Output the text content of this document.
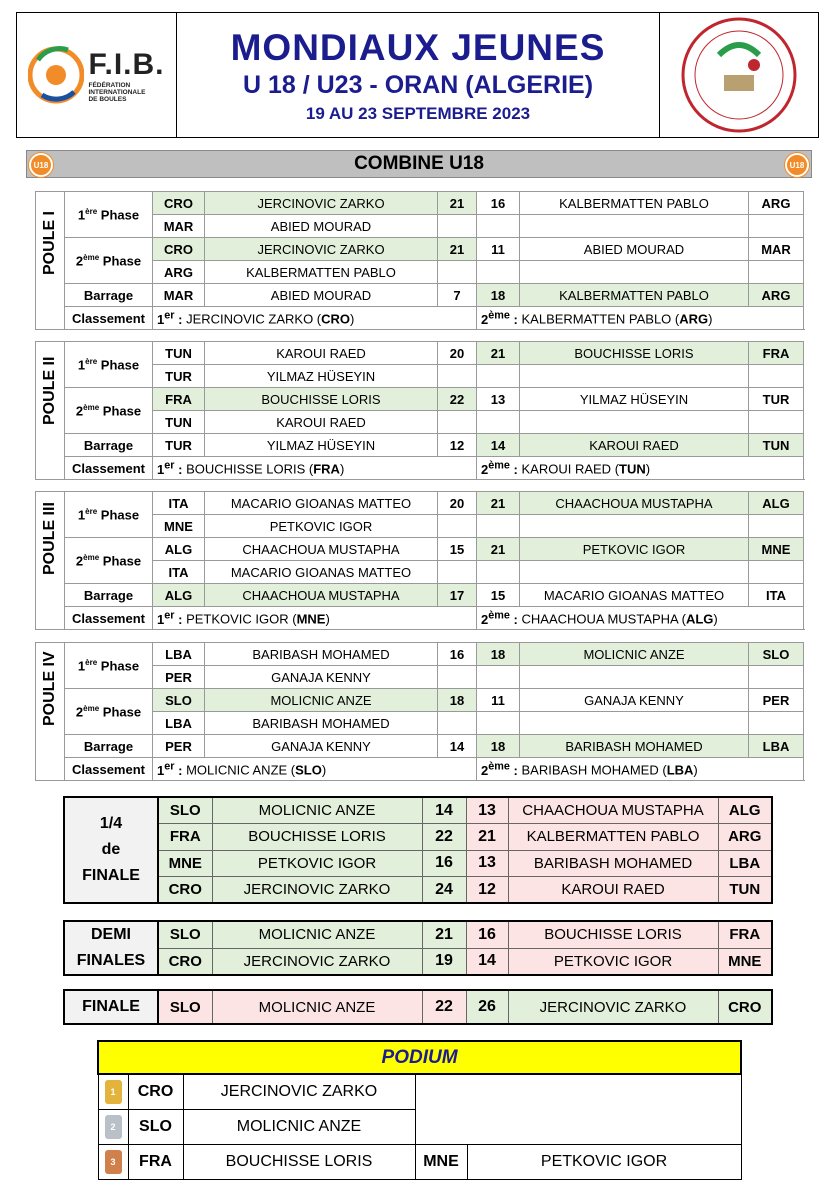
F.I.B.
FÉDÉRATION
INTERNATIONALE
DE BOULES
MONDIAUX JEUNES
U 18 / U23 - ORAN (ALGERIE)
19 AU 23 SEPTEMBRE 2023
U18	COMBINE U18	U18
POULE I	1ère Phase	CRO	JERCINOVIC ZARKO	21	16	KALBERMATTEN PABLO	ARG
		MAR	ABIED MOURAD				
	2ème Phase	CRO	JERCINOVIC ZARKO	21	11	ABIED MOURAD	MAR
		ARG	KALBERMATTEN PABLO				
	Barrage	MAR	ABIED MOURAD	7	18	KALBERMATTEN PABLO	ARG
	Classement	1er : JERCINOVIC ZARKO (CRO)			2ème : KALBERMATTEN PABLO (ARG)		
POULE II	1ère Phase	TUN	KAROUI RAED	20	21	BOUCHISSE LORIS	FRA
		TUR	YILMAZ HÜSEYIN				
	2ème Phase	FRA	BOUCHISSE LORIS	22	13	YILMAZ HÜSEYIN	TUR
		TUN	KAROUI RAED				
	Barrage	TUR	YILMAZ HÜSEYIN	12	14	KAROUI RAED	TUN
	Classement	1er : BOUCHISSE LORIS (FRA)			2ème : KAROUI RAED (TUN)		
POULE III	1ère Phase	ITA	MACARIO GIOANAS MATTEO	20	21	CHAACHOUA MUSTAPHA	ALG
		MNE	PETKOVIC IGOR				
	2ème Phase	ALG	CHAACHOUA MUSTAPHA	15	21	PETKOVIC IGOR	MNE
		ITA	MACARIO GIOANAS MATTEO				
	Barrage	ALG	CHAACHOUA MUSTAPHA	17	15	MACARIO GIOANAS MATTEO	ITA
	Classement	1er : PETKOVIC IGOR (MNE)			2ème : CHAACHOUA MUSTAPHA (ALG)		
POULE IV	1ère Phase	LBA	BARIBASH MOHAMED	16	18	MOLICNIC ANZE	SLO
		PER	GANAJA KENNY				
	2ème Phase	SLO	MOLICNIC ANZE	18	11	GANAJA KENNY	PER
		LBA	BARIBASH MOHAMED				
	Barrage	PER	GANAJA KENNY	14	18	BARIBASH MOHAMED	LBA
	Classement	1er : MOLICNIC ANZE (SLO)			2ème : BARIBASH MOHAMED (LBA)		
1/4
de
FINALE	SLO	MOLICNIC ANZE	14	13	CHAACHOUA MUSTAPHA	ALG
	FRA	BOUCHISSE LORIS	22	21	KALBERMATTEN PABLO	ARG
	MNE	PETKOVIC IGOR	16	13	BARIBASH MOHAMED	LBA
	CRO	JERCINOVIC ZARKO	24	12	KAROUI RAED	TUN
DEMI
FINALES	SLO	MOLICNIC ANZE	21	16	BOUCHISSE LORIS	FRA
	CRO	JERCINOVIC ZARKO	19	14	PETKOVIC IGOR	MNE
FINALE	SLO	MOLICNIC ANZE	22	26	JERCINOVIC ZARKO	CRO
PODIUM				
1	CRO	JERCINOVIC ZARKO		
2	SLO	MOLICNIC ANZE		
3	FRA	BOUCHISSE LORIS	MNE	PETKOVIC IGOR
